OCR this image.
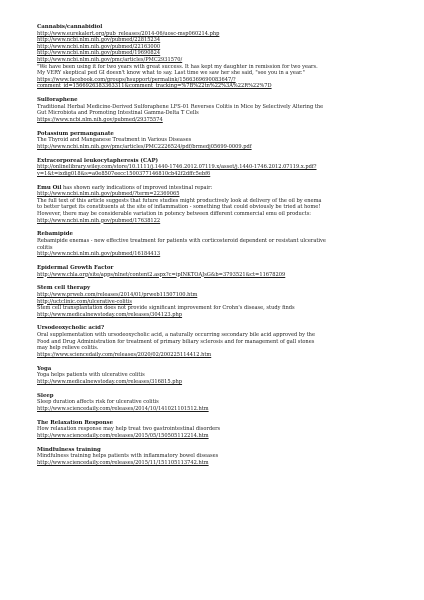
Cannabis/cannabidiol
http://www.eurekalert.org/pub_releases/2014-06/uosc-msp060214.php
http://www.ncbi.nlm.nih.gov/pubmed/22815234
http://www.ncbi.nlm.nih.gov/pubmed/22163000
http://www.ncbi.nlm.nih.gov/pubmed/19690824
http://www.ncbi.nlm.nih.gov/pmc/articles/PMC2931570/
"We have been using it for two years with great success. It has kept my daughter in remission for two years.
My VERY skeptical ped GI doesn't know what to say. Last time we saw her she said, "see you in a year."
https://www.facebook.com/groups/hsupport/permalink/1566369690083647/?
comment_id=1566926383363311&comment_tracking=%7B%22tn%22%3A%22R%22%7D
Sulforaphene
Traditional Herbal Medicine-Derived Sulforaphene LFS-01 Reverses Colitis in Mice by Selectively Altering the
Gut Microbiota and Promoting Intestinal Gamma-Delta T Cells
https://www.ncbi.nlm.nih.gov/pubmed/29375574
Potassium permanganate
The Thyroid and Manganese Treatment in Various Diseases
http://www.ncbi.nlm.nih.gov/pmc/articles/PMC2226524/pdf/brmedj05699-0009.pdf
Extracorporeal leukocytapheresis (CAP)
http://onlinelibrary.wiley.com/store/10.1111/j.1440-1746.2012.07119.x/asset/j.1440-1746.2012.07119.x.pdf?
v=1&t=ixdig018&s=a0e8507eecc1500377146810cb42f2dffc5ebf6
Emu Oil has shown early indications of improved intestinal repair:
http://www.ncbi.nlm.nih.gov/pubmed/?term=22369065
The full text of this article suggests that future studies might productively look at delivery of the oil by enema
to better target its constituents at the site of inflammation - something that could obviously be tried at home!
However, there may be considerable variation in potency between different commercial emu oil products:
http://www.ncbi.nlm.nih.gov/pubmed/17638122
Rebamipide
Rebamipide enemas - new effective treatment for patients with corticosteroid dependent or resistant ulcerative
colitis
http://www.ncbi.nlm.nih.gov/pubmed/16184413
Epidermal Growth Factor
http://www.chla.org/site/apps/nlnet/content2.aspx?c=ipINKTOAJsG&b=3793521&ct=11678209
Stem cell therapy
http://www.prweb.com/releases/2014/01/prweb11507100.htm
http://uctclinic.com/ulcerative-colitis
Stem cell transplantation does not provide significant improvement for Crohn's disease, study finds
http://www.medicalnewstoday.com/releases/304123.php
Ursodeoxycholic acid?
Oral supplementation with ursodeoxycholic acid, a naturally occurring secondary bile acid approved by the
Food and Drug Administration for treatment of primary biliary sclerosis and for management of gall stones
may help relieve colitis.
https://www.sciencedaily.com/releases/2020/02/200225114412.htm
Yoga
Yoga helps patients with ulcerative colitis
http://www.medicalnewstoday.com/releases/316815.php
Sleep
Sleep duration affects risk for ulcerative colitis
http://www.sciencedaily.com/releases/2014/10/141021101512.htm
The Relaxation Response
How relaxation response may help treat two gastrointestinal disorders
http://www.sciencedaily.com/releases/2015/05/150505112214.htm
Mindfulness training
Mindfulness training helps patients with inflammatory bowel diseases
http://www.sciencedaily.com/releases/2015/11/151105113742.htm
